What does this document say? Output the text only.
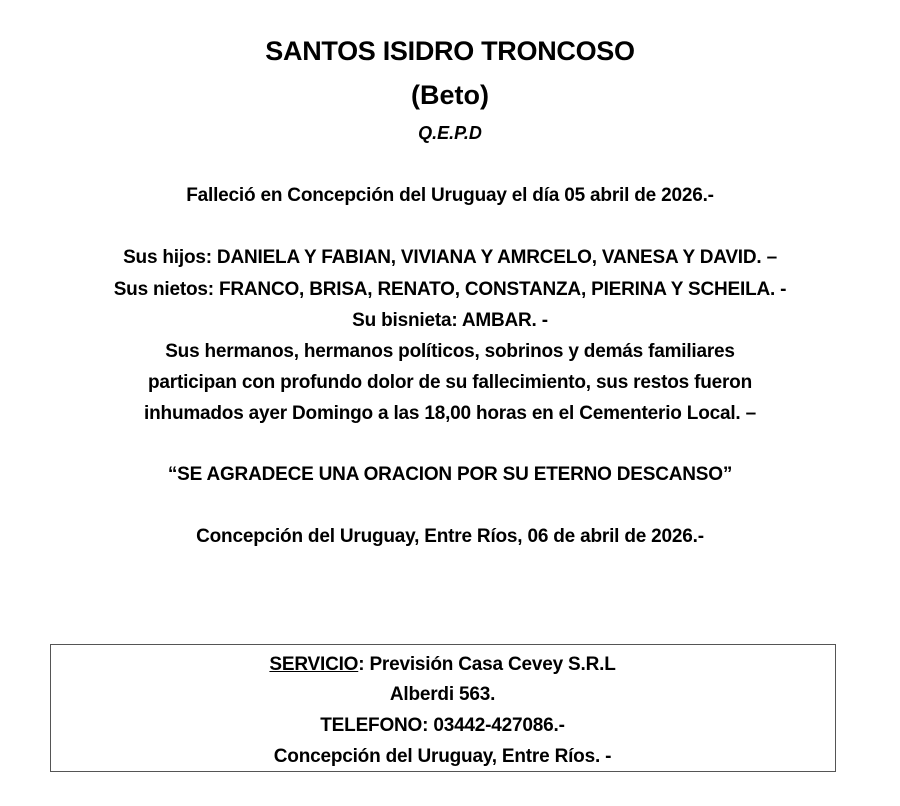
SANTOS ISIDRO TRONCOSO
(Beto)
Q.E.P.D
Falleció en Concepción del Uruguay el día 05 abril de 2026.-
Sus hijos: DANIELA Y FABIAN, VIVIANA Y AMRCELO, VANESA Y DAVID. –
Sus nietos: FRANCO, BRISA, RENATO, CONSTANZA, PIERINA Y SCHEILA. -
Su bisnieta: AMBAR. -
Sus hermanos, hermanos políticos, sobrinos y demás familiares
participan con profundo dolor de su fallecimiento, sus restos fueron
inhumados ayer Domingo a las 18,00 horas en el Cementerio Local. –
“SE AGRADECE UNA ORACION POR SU ETERNO DESCANSO”
Concepción del Uruguay, Entre Ríos, 06 de abril de 2026.-
SERVICIO: Previsión Casa Cevey S.R.L
Alberdi 563.
TELEFONO: 03442-427086.-
Concepción del Uruguay, Entre Ríos. -
